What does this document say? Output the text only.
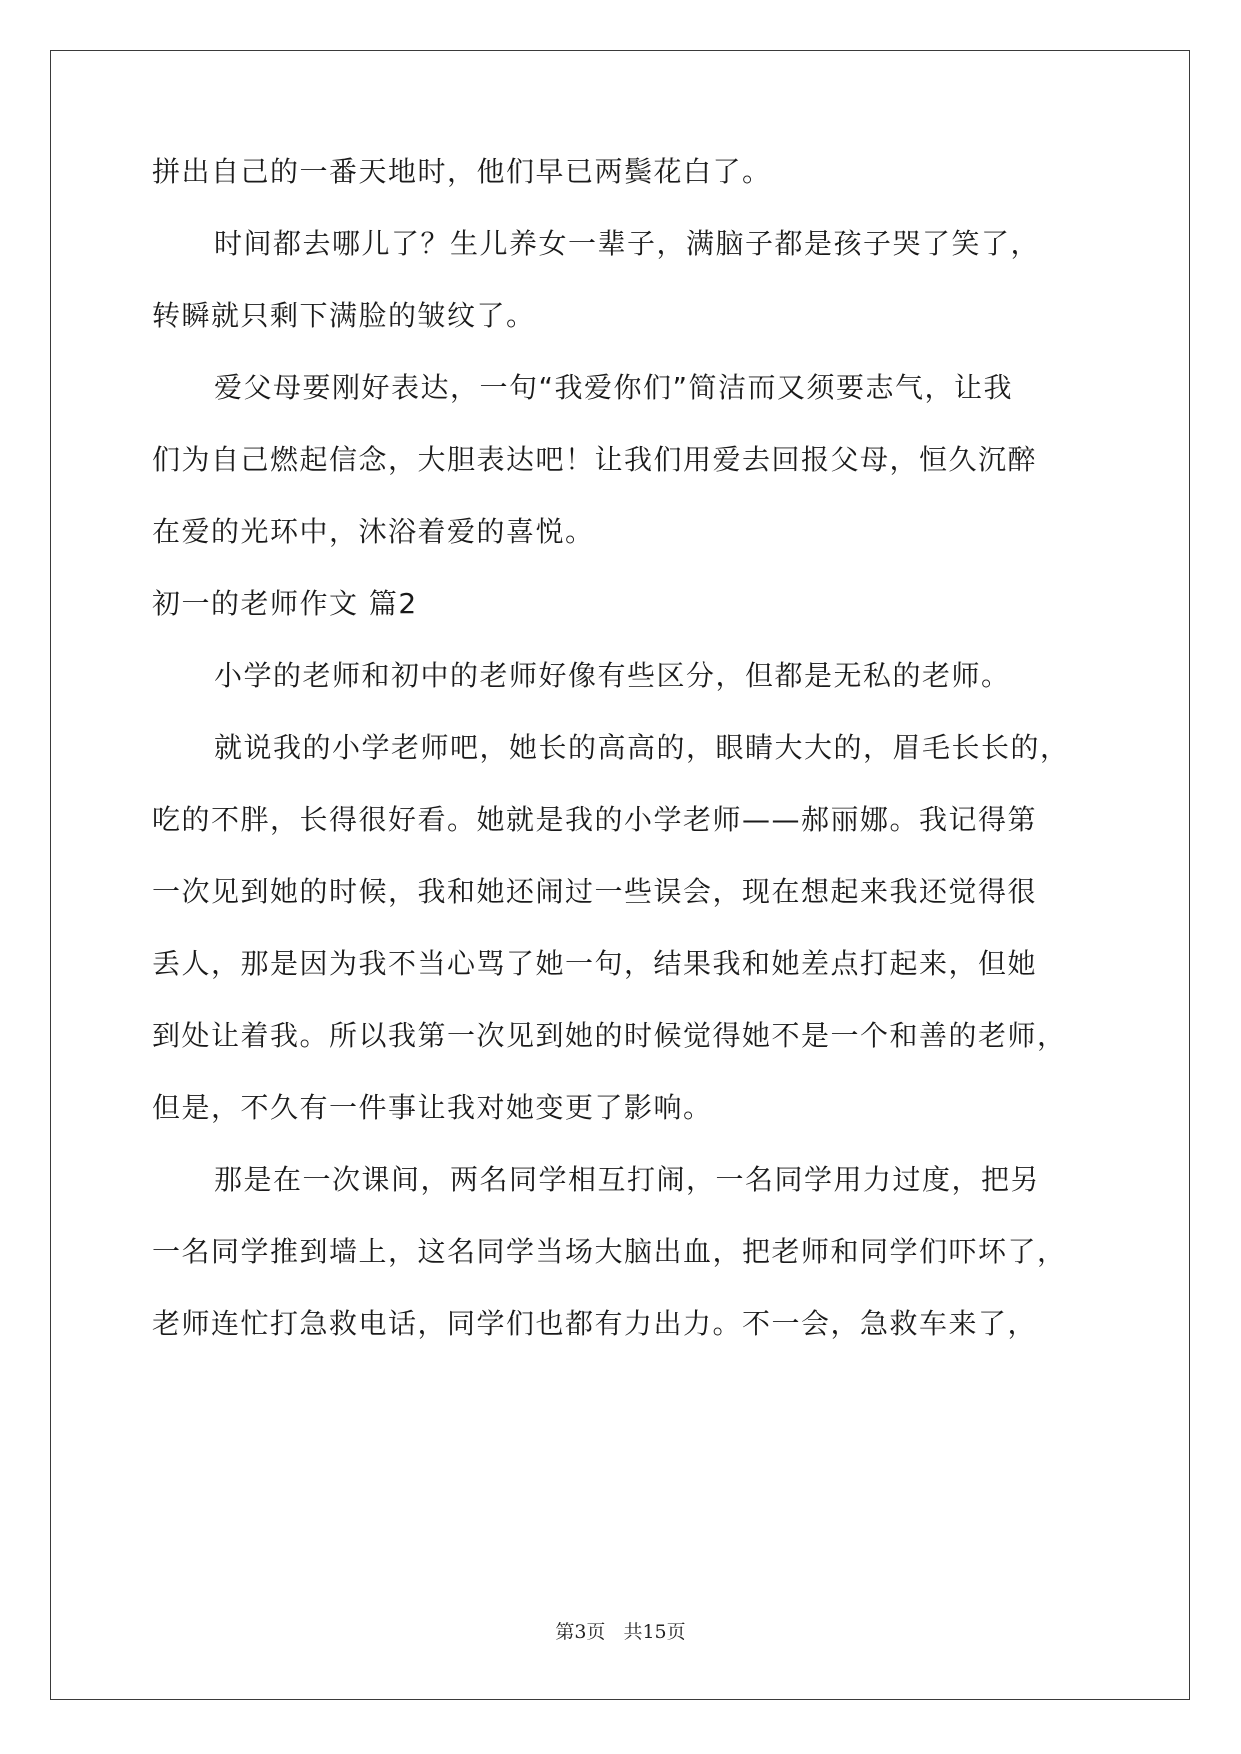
拼出自己的一番天地时，他们早已两鬓花白了。
时间都去哪儿了？生儿养女一辈子，满脑子都是孩子哭了笑了，
转瞬就只剩下满脸的皱纹了。
爱父母要刚好表达，一句“我爱你们”简洁而又须要志气，让我
们为自己燃起信念，大胆表达吧！让我们用爱去回报父母，恒久沉醉
在爱的光环中，沐浴着爱的喜悦。
初一的老师作文 篇2
小学的老师和初中的老师好像有些区分，但都是无私的老师。
就说我的小学老师吧，她长的高高的，眼睛大大的，眉毛长长的，
吃的不胖，长得很好看。她就是我的小学老师——郝丽娜。我记得第
一次见到她的时候，我和她还闹过一些误会，现在想起来我还觉得很
丢人，那是因为我不当心骂了她一句，结果我和她差点打起来，但她
到处让着我。所以我第一次见到她的时候觉得她不是一个和善的老师，
但是，不久有一件事让我对她变更了影响。
那是在一次课间，两名同学相互打闹，一名同学用力过度，把另
一名同学推到墙上，这名同学当场大脑出血，把老师和同学们吓坏了，
老师连忙打急救电话，同学们也都有力出力。不一会，急救车来了，
第3页 共15页
